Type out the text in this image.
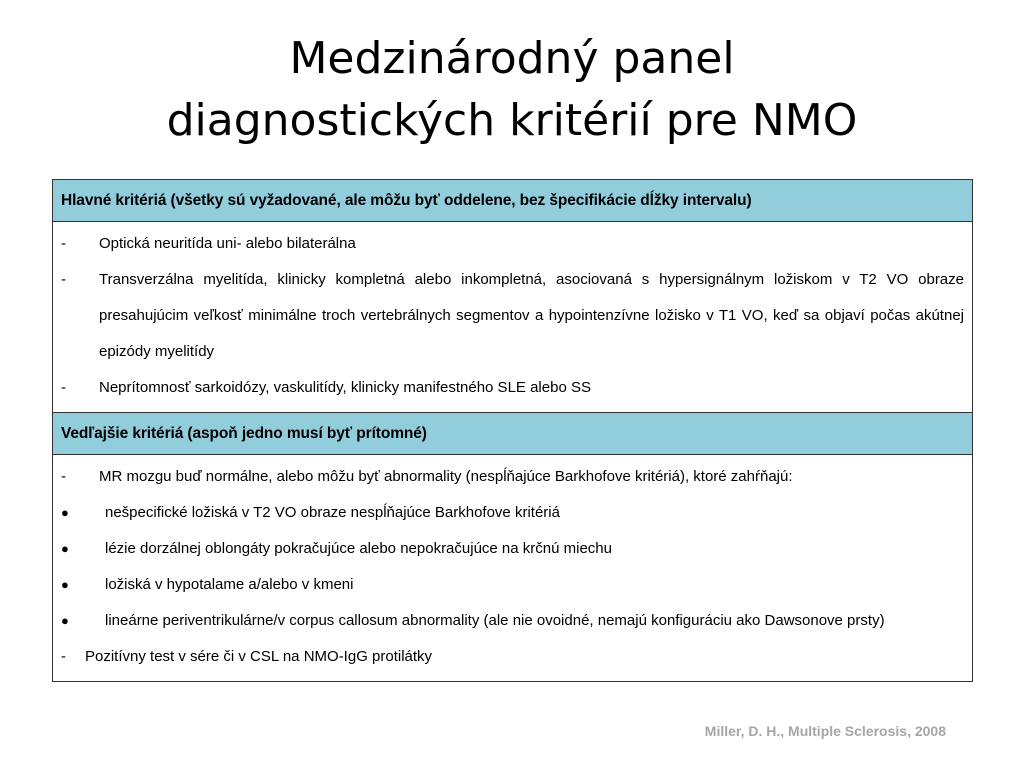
Medzinárodný panel
diagnostických kritérií pre NMO
Hlavné kritériá (všetky sú vyžadované, ale môžu byť oddelene, bez špecifikácie dĺžky intervalu)
-	Optická neuritída uni- alebo bilaterálna
-	Transverzálna myelitída, klinicky kompletná alebo inkompletná, asociovaná s hypersignálnym ložiskom v T2 VO obraze presahujúcim veľkosť minimálne troch vertebrálnych segmentov a hypointenzívne ložisko v T1 VO, keď sa objaví počas akútnej epizódy myelitídy
-	Neprítomnosť sarkoidózy, vaskulitídy, klinicky manifestného SLE alebo SS
Vedľajšie kritériá (aspoň jedno musí byť prítomné)
-	MR mozgu buď normálne, alebo môžu byť abnormality (nespĺňajúce Barkhofove kritériá), ktoré zahŕňajú:
●	nešpecifické ložiská v T2 VO obraze nespĺňajúce Barkhofove kritériá
●	lézie dorzálnej oblongáty pokračujúce alebo nepokračujúce na krčnú miechu
●	ložiská v hypotalame a/alebo v kmeni
●	lineárne periventrikulárne/v corpus callosum abnormality (ale nie ovoidné, nemajú konfiguráciu ako Dawsonove prsty)
-	Pozitívny test v sére či v CSL na NMO-IgG protilátky
Miller, D. H., Multiple Sclerosis, 2008
